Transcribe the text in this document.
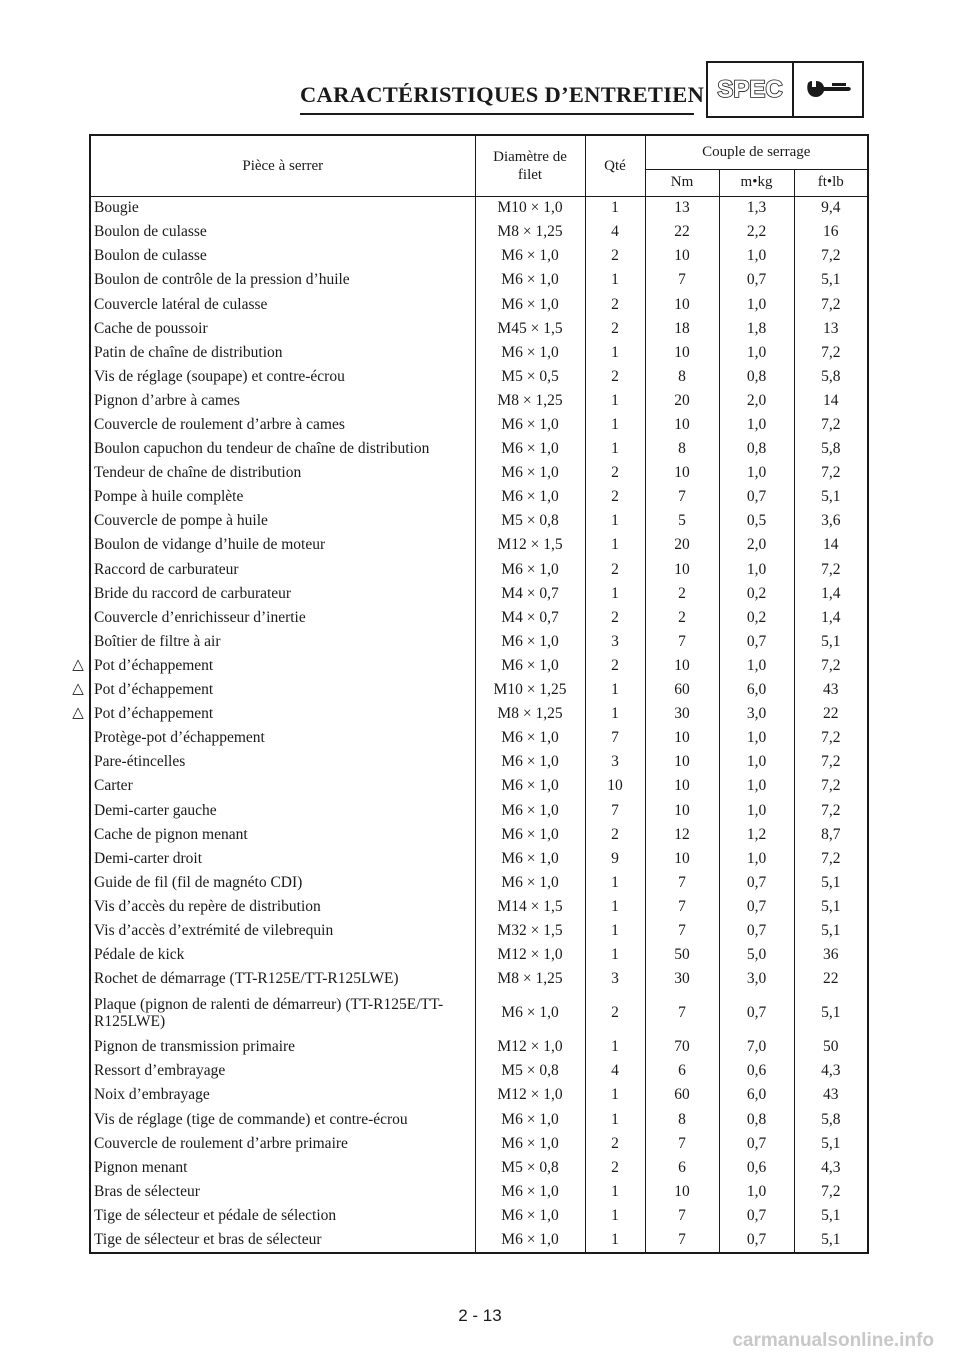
CARACTÉRISTIQUES D’ENTRETIEN SPEC
Pièce à serrer	Diamètre de filet	Qté	Couple de serrage		
			Nm	m•kg	ft•lb
Bougie	M10 × 1,0	1	13	1,3	9,4
Boulon de culasse	M8 × 1,25	4	22	2,2	16
Boulon de culasse	M6 × 1,0	2	10	1,0	7,2
Boulon de contrôle de la pression d’huile	M6 × 1,0	1	7	0,7	5,1
Couvercle latéral de culasse	M6 × 1,0	2	10	1,0	7,2
Cache de poussoir	M45 × 1,5	2	18	1,8	13
Patin de chaîne de distribution	M6 × 1,0	1	10	1,0	7,2
Vis de réglage (soupape) et contre-écrou	M5 × 0,5	2	8	0,8	5,8
Pignon d’arbre à cames	M8 × 1,25	1	20	2,0	14
Couvercle de roulement d’arbre à cames	M6 × 1,0	1	10	1,0	7,2
Boulon capuchon du tendeur de chaîne de distribution	M6 × 1,0	1	8	0,8	5,8
Tendeur de chaîne de distribution	M6 × 1,0	2	10	1,0	7,2
Pompe à huile complète	M6 × 1,0	2	7	0,7	5,1
Couvercle de pompe à huile	M5 × 0,8	1	5	0,5	3,6
Boulon de vidange d’huile de moteur	M12 × 1,5	1	20	2,0	14
Raccord de carburateur	M6 × 1,0	2	10	1,0	7,2
Bride du raccord de carburateur	M4 × 0,7	1	2	0,2	1,4
Couvercle d’enrichisseur d’inertie	M4 × 0,7	2	2	0,2	1,4
Boîtier de filtre à air	M6 × 1,0	3	7	0,7	5,1
Pot d’échappement	M6 × 1,0	2	10	1,0	7,2
Pot d’échappement	M10 × 1,25	1	60	6,0	43
Pot d’échappement	M8 × 1,25	1	30	3,0	22
Protège-pot d’échappement	M6 × 1,0	7	10	1,0	7,2
Pare-étincelles	M6 × 1,0	3	10	1,0	7,2
Carter	M6 × 1,0	10	10	1,0	7,2
Demi-carter gauche	M6 × 1,0	7	10	1,0	7,2
Cache de pignon menant	M6 × 1,0	2	12	1,2	8,7
Demi-carter droit	M6 × 1,0	9	10	1,0	7,2
Guide de fil (fil de magnéto CDI)	M6 × 1,0	1	7	0,7	5,1
Vis d’accès du repère de distribution	M14 × 1,5	1	7	0,7	5,1
Vis d’accès d’extrémité de vilebrequin	M32 × 1,5	1	7	0,7	5,1
Pédale de kick	M12 × 1,0	1	50	5,0	36
Rochet de démarrage (TT-R125E/TT-R125LWE)	M8 × 1,25	3	30	3,0	22
Plaque (pignon de ralenti de démarreur) (TT-R125E/TT-R125LWE)	M6 × 1,0	2	7	0,7	5,1
Pignon de transmission primaire	M12 × 1,0	1	70	7,0	50
Ressort d’embrayage	M5 × 0,8	4	6	0,6	4,3
Noix d’embrayage	M12 × 1,0	1	60	6,0	43
Vis de réglage (tige de commande) et contre-écrou	M6 × 1,0	1	8	0,8	5,8
Couvercle de roulement d’arbre primaire	M6 × 1,0	2	7	0,7	5,1
Pignon menant	M5 × 0,8	2	6	0,6	4,3
Bras de sélecteur	M6 × 1,0	1	10	1,0	7,2
Tige de sélecteur et pédale de sélection	M6 × 1,0	1	7	0,7	5,1
Tige de sélecteur et bras de sélecteur	M6 × 1,0	1	7	0,7	5,1
△
△
△
2 - 13
carmanualsonline.info
